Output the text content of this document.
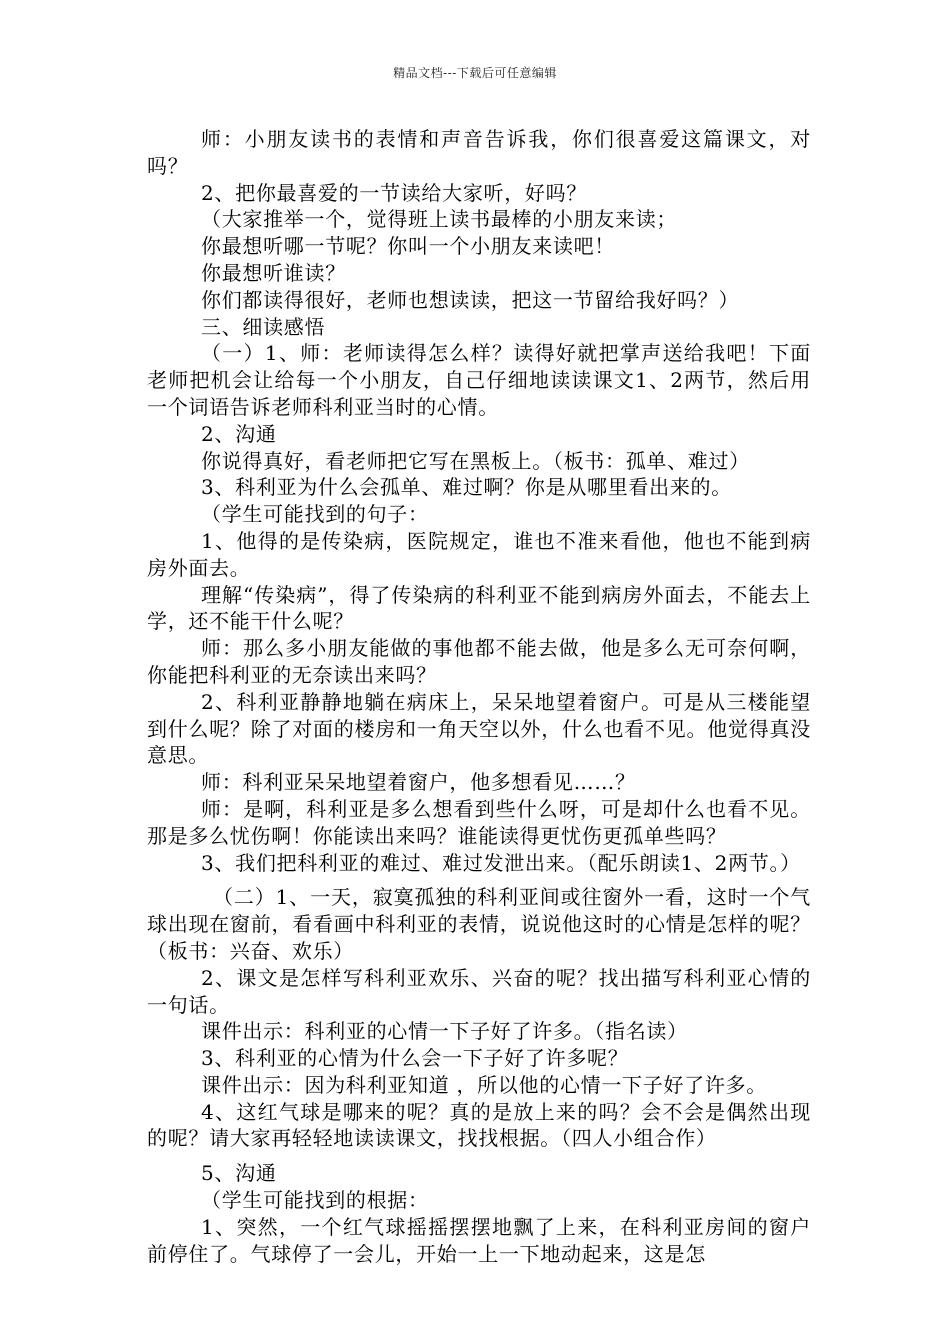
精品文档---下载后可任意编辑

师：小朋友读书的表情和声音告诉我，你们很喜爱这篇课文，对吗？

2、把你最喜爱的一节读给大家听，好吗？

（大家推举一个，觉得班上读书最棒的小朋友来读；

你最想听哪一节呢？你叫一个小朋友来读吧！

你最想听谁读？

你们都读得很好，老师也想读读，把这一节留给我好吗？）

三、细读感悟

（一）1、师：老师读得怎么样？读得好就把掌声送给我吧！下面老师把机会让给每一个小朋友，自己仔细地读读课文1、2两节，然后用一个词语告诉老师科利亚当时的心情。

2、沟通

你说得真好，看老师把它写在黑板上。（板书：孤单、难过）

3、科利亚为什么会孤单、难过啊？你是从哪里看出来的。

（学生可能找到的句子：

1、他得的是传染病，医院规定，谁也不准来看他，他也不能到病房外面去。

理解“传染病”，得了传染病的科利亚不能到病房外面去，不能去上学，还不能干什么呢？

师：那么多小朋友能做的事他都不能去做，他是多么无可奈何啊，你能把科利亚的无奈读出来吗？

2、科利亚静静地躺在病床上，呆呆地望着窗户。可是从三楼能望到什么呢？除了对面的楼房和一角天空以外，什么也看不见。他觉得真没意思。

师：科利亚呆呆地望着窗户，他多想看见……？

师：是啊，科利亚是多么想看到些什么呀，可是却什么也看不见。那是多么忧伤啊！你能读出来吗？谁能读得更忧伤更孤单些吗？

3、我们把科利亚的难过、难过发泄出来。（配乐朗读1、2两节。）

（二）1、一天，寂寞孤独的科利亚间或往窗外一看，这时一个气球出现在窗前，看看画中科利亚的表情，说说他这时的心情是怎样的呢？（板书：兴奋、欢乐）

2、课文是怎样写科利亚欢乐、兴奋的呢？找出描写科利亚心情的一句话。

课件出示：科利亚的心情一下子好了许多。（指名读）

3、科利亚的心情为什么会一下子好了许多呢？

课件出示：因为科利亚知道 ，所以他的心情一下子好了许多。

4、这红气球是哪来的呢？真的是放上来的吗？会不会是偶然出现的呢？请大家再轻轻地读读课文，找找根据。（四人小组合作）

5、沟通

（学生可能找到的根据：

1、突然，一个红气球摇摇摆摆地飘了上来，在科利亚房间的窗户前停住了。气球停了一会儿，开始一上一下地动起来，这是怎
